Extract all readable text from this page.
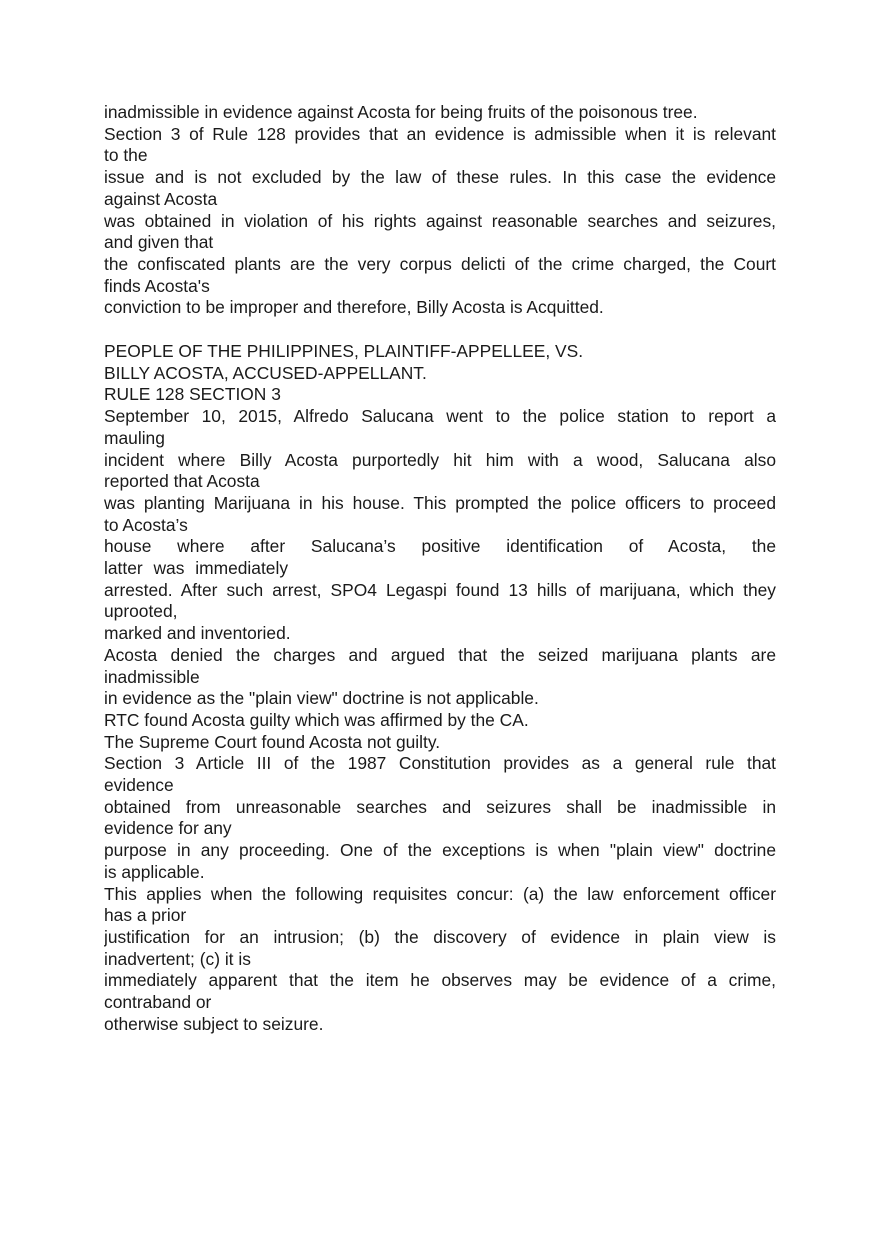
inadmissible in evidence against Acosta for being fruits of the poisonous tree.
Section 3 of Rule 128 provides that an evidence is admissible when it is relevant
to the
issue and is not excluded by the law of these rules. In this case the evidence
against Acosta
was obtained in violation of his rights against reasonable searches and seizures,
and given that
the confiscated plants are the very corpus delicti of the crime charged, the Court
finds Acosta's
conviction to be improper and therefore, Billy Acosta is Acquitted.
PEOPLE OF THE PHILIPPINES, PLAINTIFF-APPELLEE, VS.
BILLY ACOSTA, ACCUSED-APPELLANT.
RULE 128 SECTION 3
September 10, 2015, Alfredo Salucana went to the police station to report a
mauling
incident where Billy Acosta purportedly hit him with a wood, Salucana also
reported that Acosta
was planting Marijuana in his house. This prompted the police officers to proceed
to Acosta’s
house where after Salucana’s positive identification of Acosta, the
latter was immediately
arrested. After such arrest, SPO4 Legaspi found 13 hills of marijuana, which they
uprooted,
marked and inventoried.
Acosta denied the charges and argued that the seized marijuana plants are
inadmissible
in evidence as the "plain view" doctrine is not applicable.
RTC found Acosta guilty which was affirmed by the CA.
The Supreme Court found Acosta not guilty.
Section 3 Article III of the 1987 Constitution provides as a general rule that
evidence
obtained from unreasonable searches and seizures shall be inadmissible in
evidence for any
purpose in any proceeding. One of the exceptions is when "plain view" doctrine
is applicable.
This applies when the following requisites concur: (a) the law enforcement officer
has a prior
justification for an intrusion; (b) the discovery of evidence in plain view is
inadvertent; (c) it is
immediately apparent that the item he observes may be evidence of a crime,
contraband or
otherwise subject to seizure.
